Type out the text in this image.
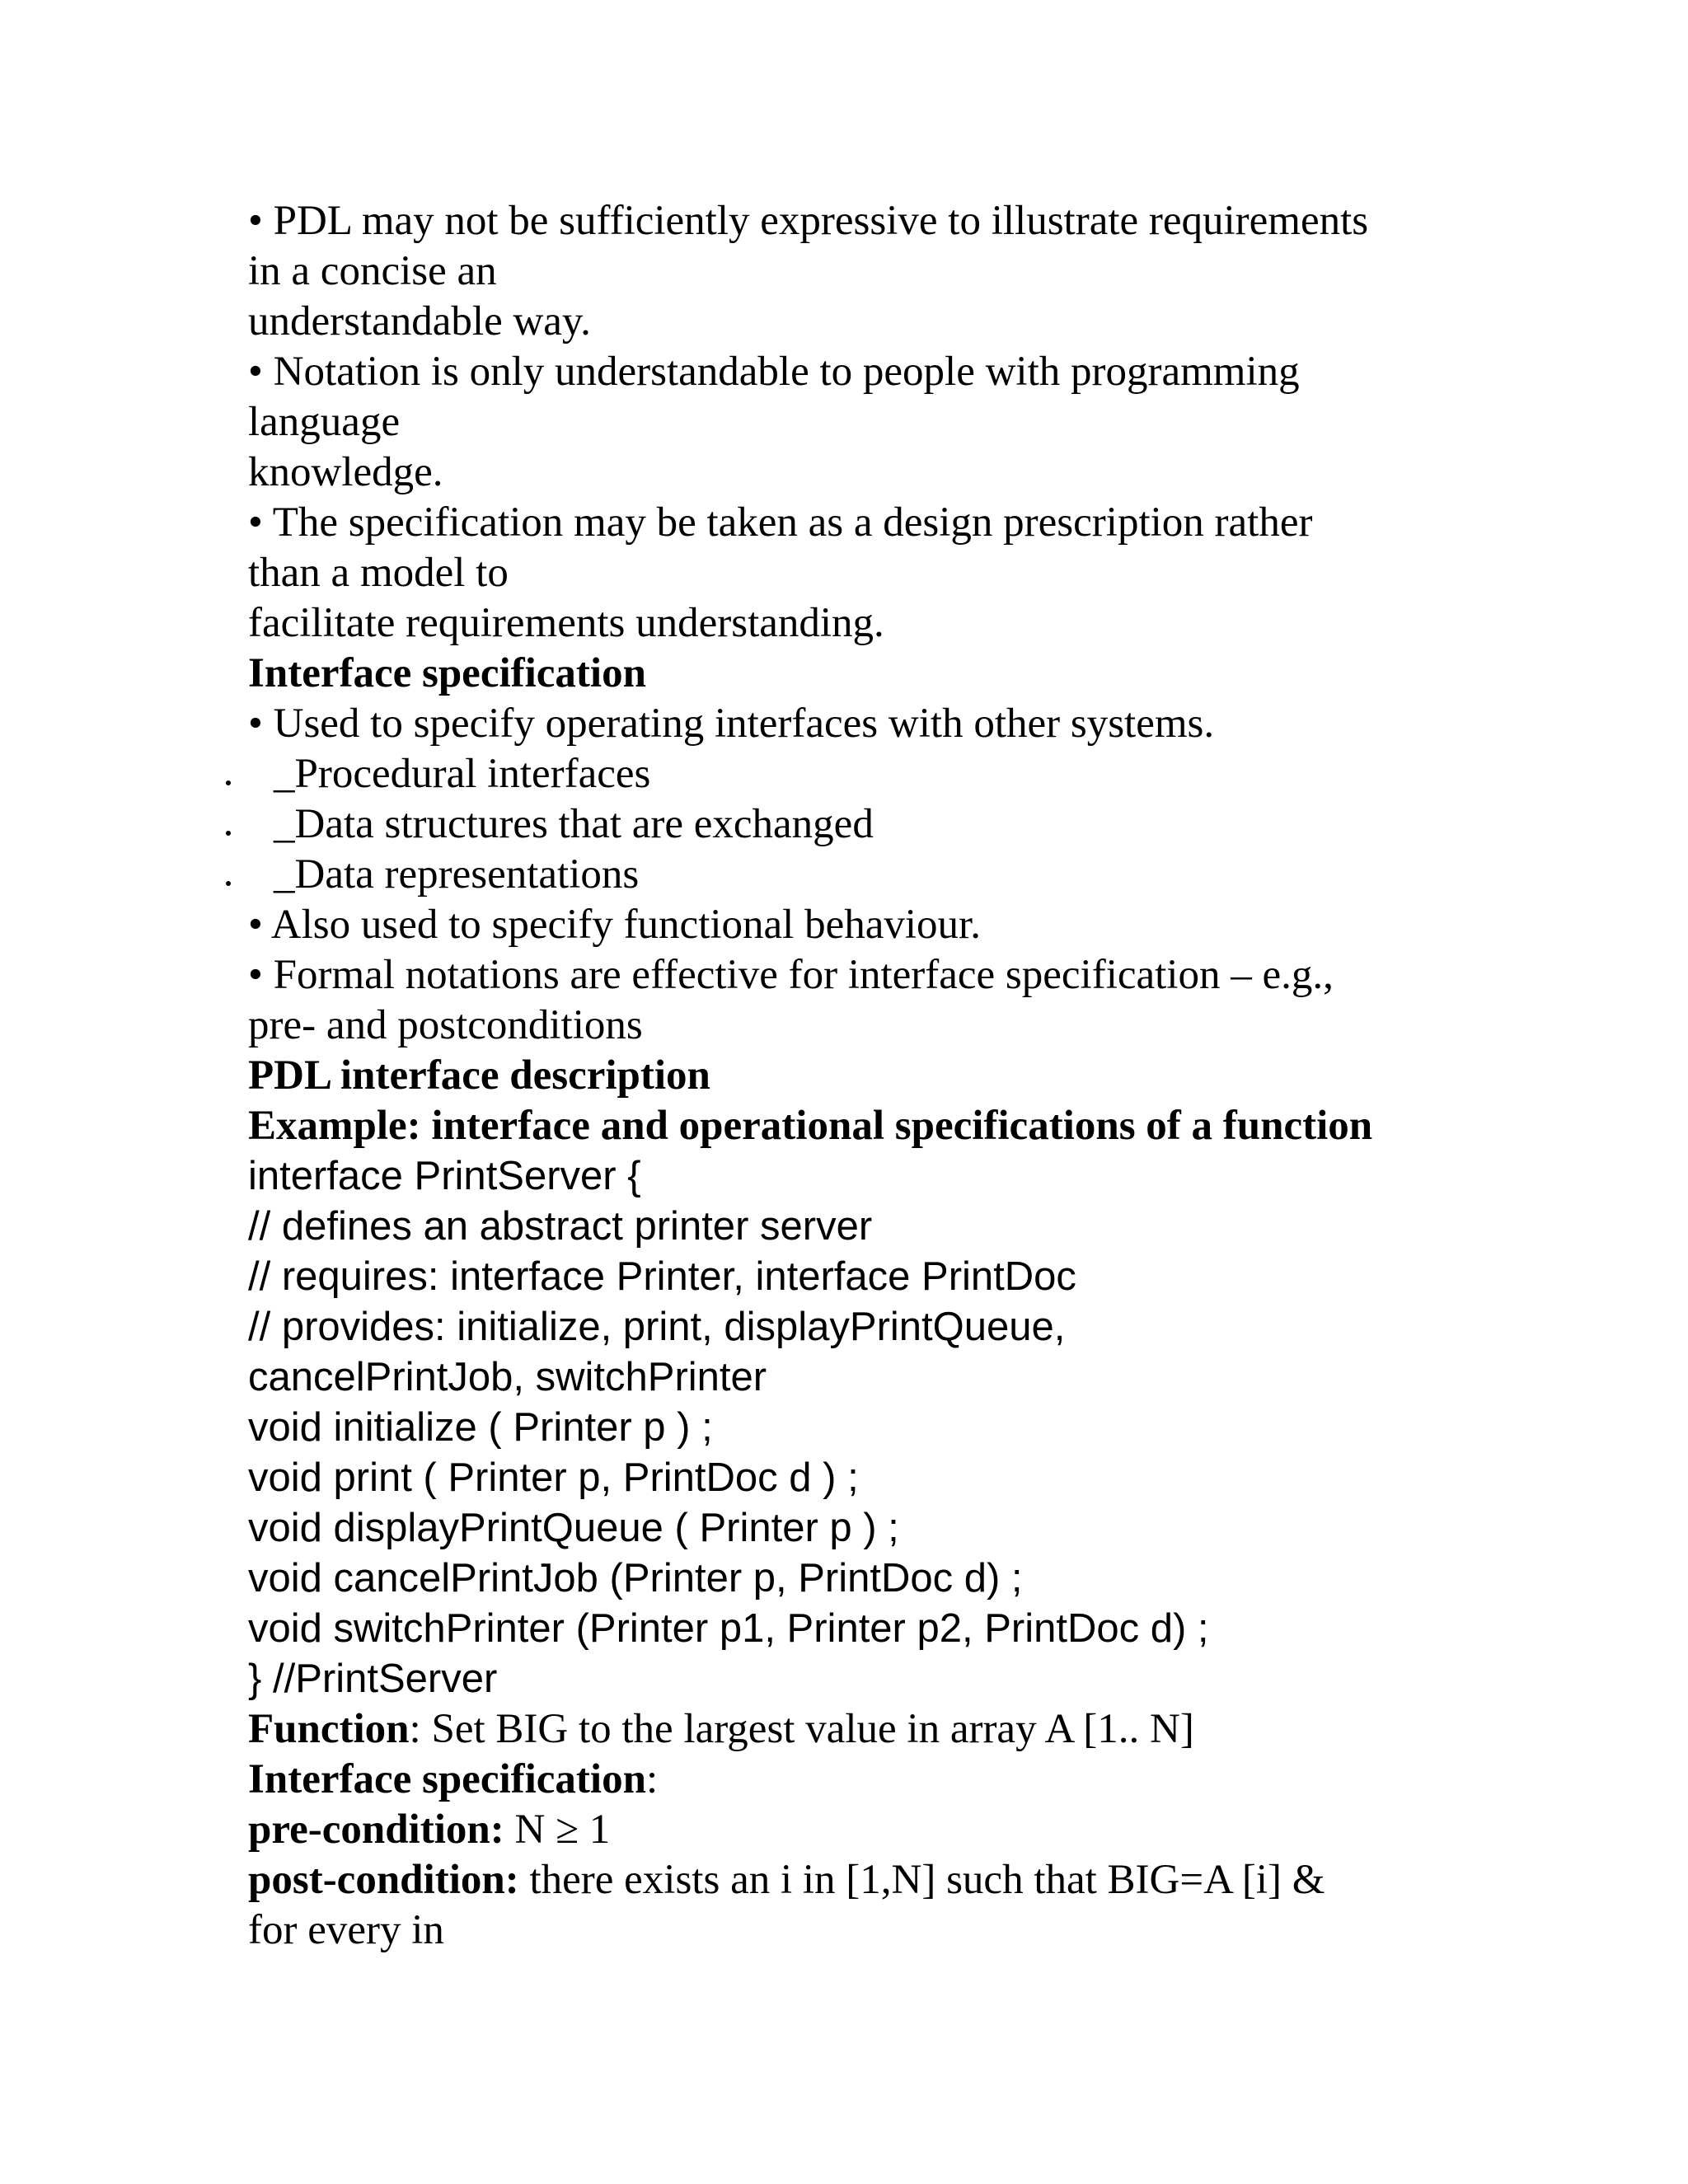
• PDL may not be sufficiently expressive to illustrate requirements
in a concise an
understandable way.
• Notation is only understandable to people with programming
language
knowledge.
• The specification may be taken as a design prescription rather
than a model to
facilitate requirements understanding.
Interface specification
• Used to specify operating interfaces with other systems.
_Procedural interfaces
_Data structures that are exchanged
_Data representations
• Also used to specify functional behaviour.
• Formal notations are effective for interface specification – e.g.,
pre- and postconditions
PDL interface description
Example: interface and operational specifications of a function
interface PrintServer {
// defines an abstract printer server
// requires: interface Printer, interface PrintDoc
// provides: initialize, print, displayPrintQueue,
cancelPrintJob, switchPrinter
void initialize ( Printer p ) ;
void print ( Printer p, PrintDoc d ) ;
void displayPrintQueue ( Printer p ) ;
void cancelPrintJob (Printer p, PrintDoc d) ;
void switchPrinter (Printer p1, Printer p2, PrintDoc d) ;
} //PrintServer
Function: Set BIG to the largest value in array A [1.. N]
Interface specification:
pre-condition: N ≥ 1
post-condition: there exists an i in [1,N] such that BIG=A [i] &
for every in
